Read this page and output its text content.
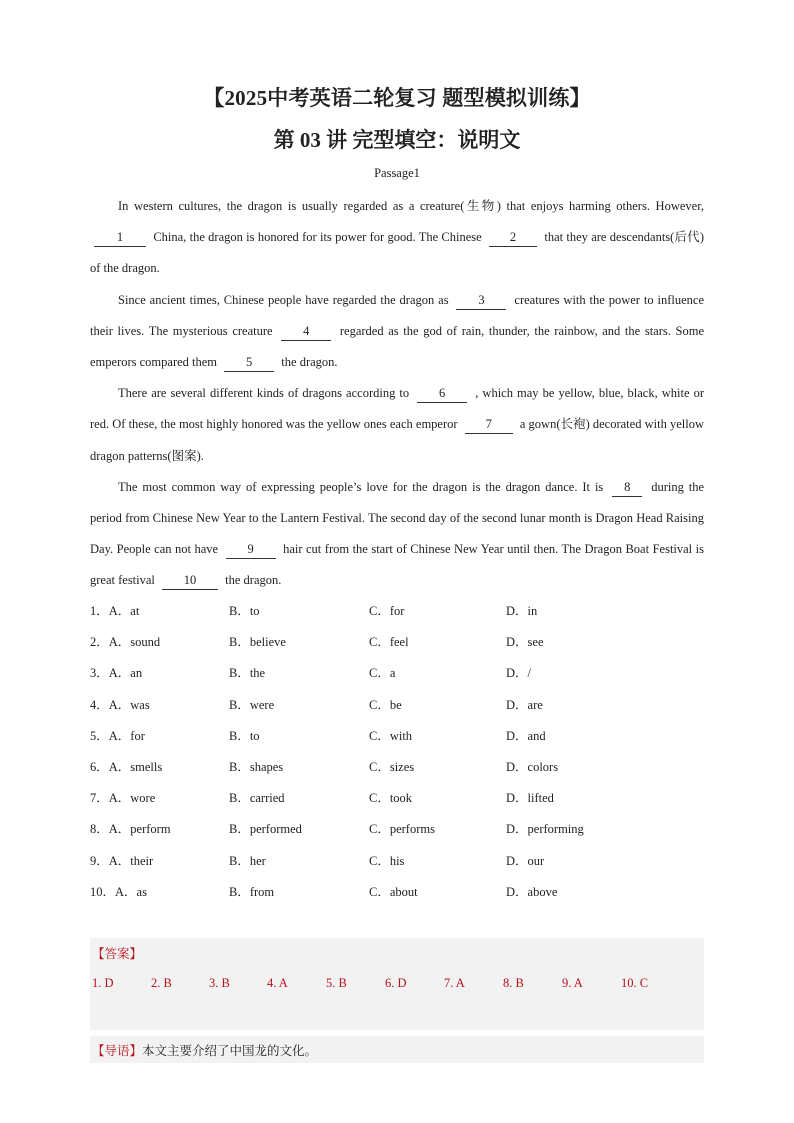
【2025中考英语二轮复习 题型模拟训练】
第 03 讲 完型填空：说明文
Passage1

In western cultures, the dragon is usually regarded as a creature(生物) that enjoys harming others. However, 1 China, the dragon is honored for its power for good. The Chinese 2 that they are descendants(后代) of the dragon.

Since ancient times, Chinese people have regarded the dragon as 3 creatures with the power to influence their lives. The mysterious creature 4 regarded as the god of rain, thunder, the rainbow, and the stars. Some emperors compared them 5 the dragon.

There are several different kinds of dragons according to 6 , which may be yellow, blue, black, white or red. Of these, the most highly honored was the yellow ones each emperor 7 a gown(长袍) decorated with yellow dragon patterns(图案).

The most common way of expressing people’s love for the dragon is the dragon dance. It is 8 during the period from Chinese New Year to the Lantern Festival. The second day of the second lunar month is Dragon Head Raising Day. People can not have 9 hair cut from the start of Chinese New Year until then. The Dragon Boat Festival is great festival 10 the dragon.

1．A．at	B．to	C．for	D．in
2．A．sound	B．believe	C．feel	D．see
3．A．an	B．the	C．a	D．/
4．A．was	B．were	C．be	D．are
5．A．for	B．to	C．with	D．and
6．A．smells	B．shapes	C．sizes	D．colors
7．A．wore	B．carried	C．took	D．lifted
8．A．perform	B．performed	C．performs	D．performing
9．A．their	B．her	C．his	D．our
10．A．as	B．from	C．about	D．above
【答案】
1. D	2. B	3. B	4. A	5. B	6. D	7. A	8. B	9. A	10. C
【导语】本文主要介绍了中国龙的文化。
